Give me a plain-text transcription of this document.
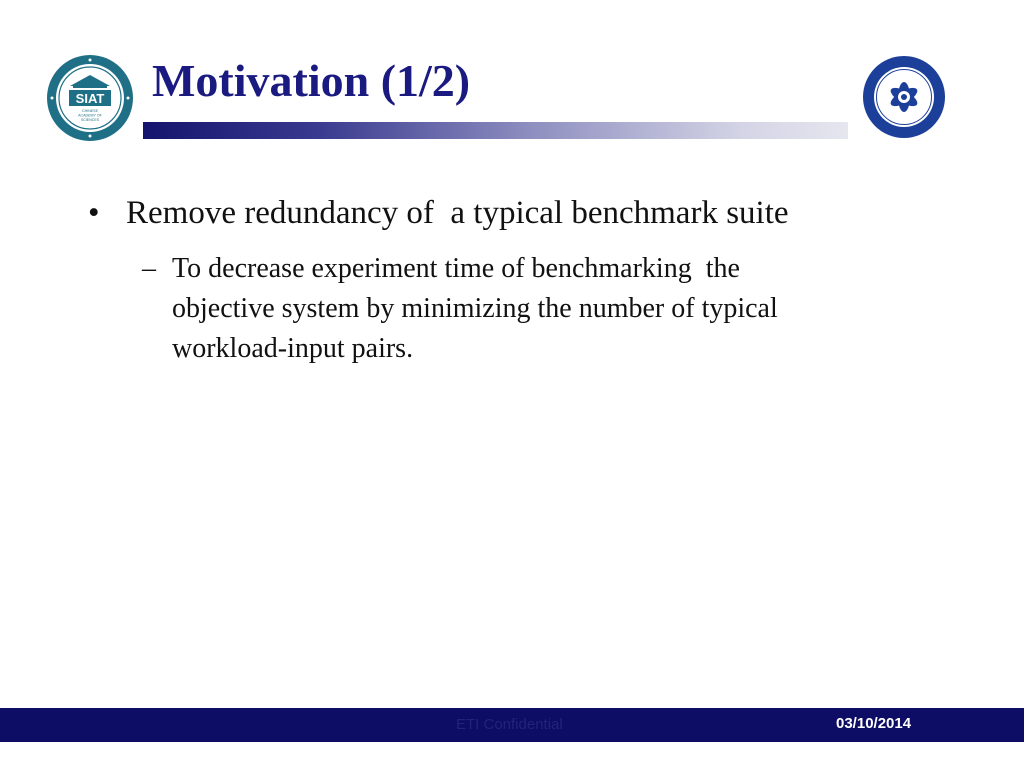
SIAT
CHINESE
ACADEMY OF
SCIENCES
Motivation (1/2)
• Remove redundancy of  a typical benchmark suite
– To decrease experiment time of benchmarking  the
objective system by minimizing the number of typical
workload-input pairs.
ETI Confidential	03/10/2014
